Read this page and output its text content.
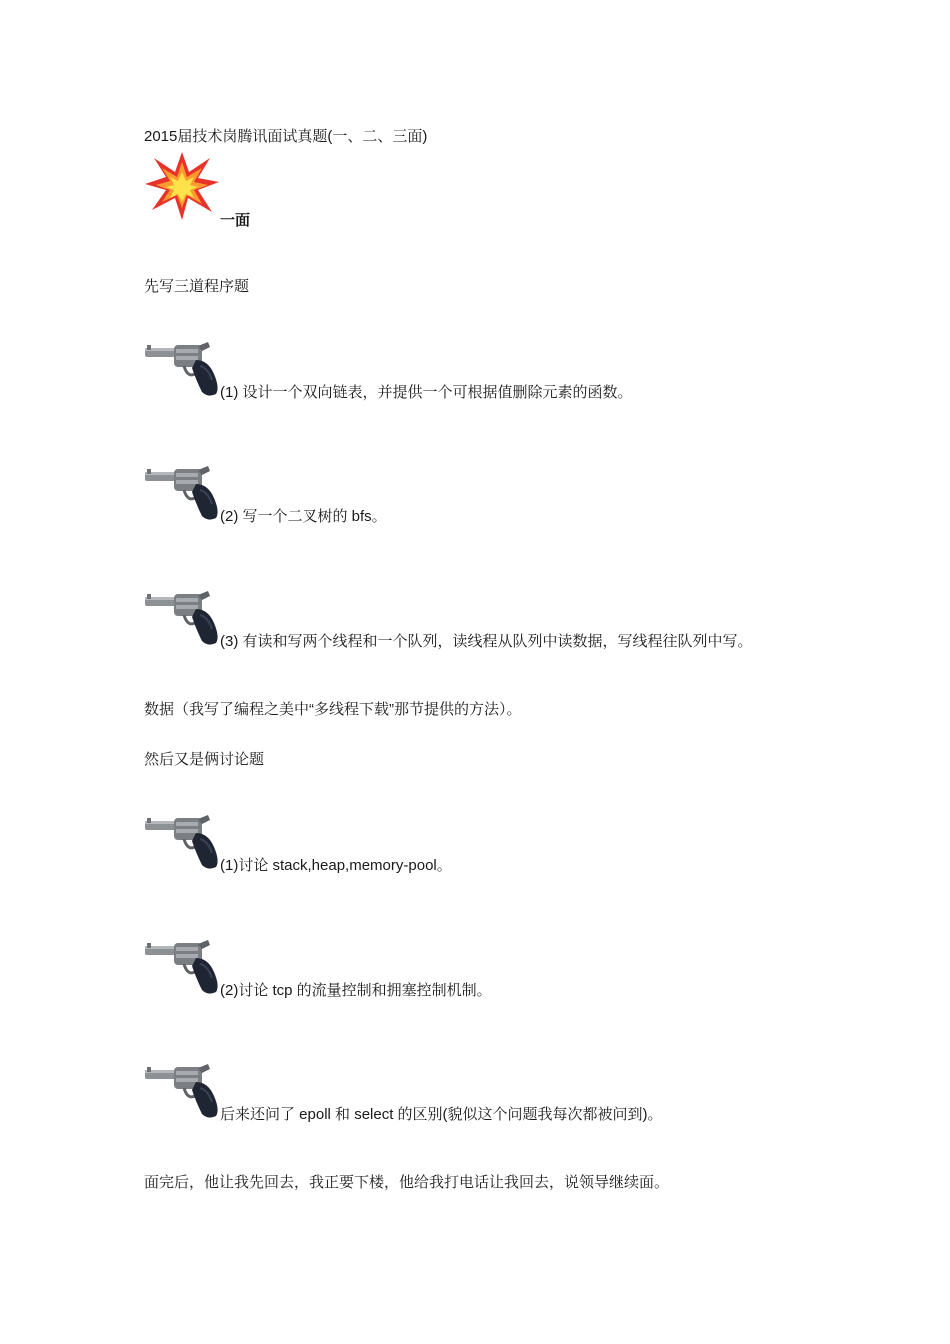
2015届技术岗腾讯面试真题(一、二、三面)
一面
先写三道程序题
(1) 设计一个双向链表，并提供一个可根据值删除元素的函数。
(2) 写一个二叉树的 bfs。
(3) 有读和写两个线程和一个队列，读线程从队列中读数据，写线程往队列中写。
数据（我写了编程之美中“多线程下载”那节提供的方法）。
然后又是俩讨论题
(1)讨论 stack,heap,memory-pool。
(2)讨论 tcp 的流量控制和拥塞控制机制。
后来还问了 epoll 和 select 的区别(貌似这个问题我每次都被问到)。
面完后，他让我先回去，我正要下楼，他给我打电话让我回去，说领导继续面。
